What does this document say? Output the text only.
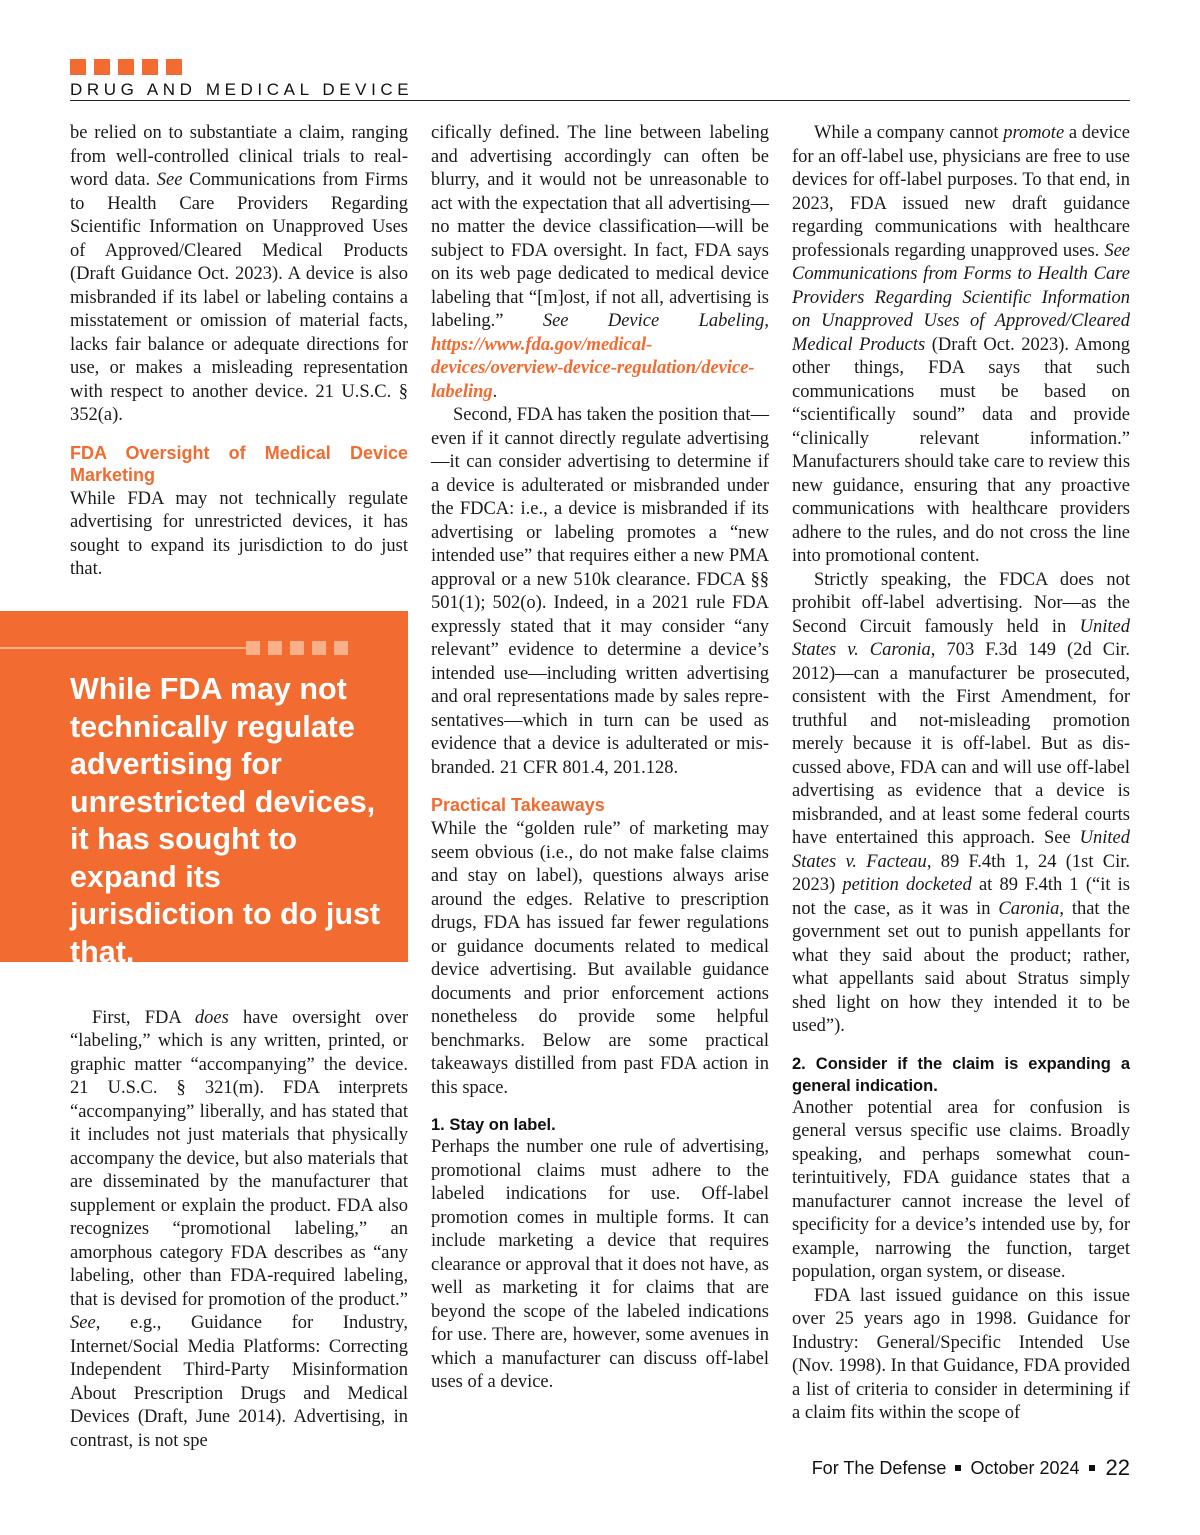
DRUG AND MEDICAL DEVICE

be relied on to substantiate a claim, ranging from well-controlled clinical trials to real-word data. See Communications from Firms to Health Care Providers Regarding Scientific Information on Unapproved Uses of Approved/Cleared Medical Products (Draft Guidance Oct. 2023). A device is also misbranded if its label or labeling contains a misstatement or omission of material facts, lacks fair balance or adequate directions for use, or makes a misleading representation with respect to another device. 21 U.S.C. § 352(a).

FDA Oversight of Medical Device Marketing

While FDA may not technically regulate advertising for unrestricted devices, it has sought to expand its jurisdiction to do just that.

First, FDA does have oversight over “labeling,” which is any written, printed, or graphic matter “accompanying” the device. 21 U.S.C. § 321(m). FDA interprets “accompanying” liberally, and has stated that it includes not just materials that physically accompany the device, but also materials that are disseminated by the manufacturer that supplement or explain the product. FDA also recognizes “promotional labeling,” an amorphous category FDA describes as “any labeling, other than FDA-required labeling, that is devised for promotion of the product.” See, e.g., Guidance for Industry, Internet/Social Media Platforms: Correcting Independent Third-Party Misinformation About Prescription Drugs and Medical Devices (Draft, June 2014). Advertising, in contrast, is not spe

While FDA may not technically regulate advertising for unrestricted devices, it has sought to expand its jurisdiction to do just that.

cifically defined. The line between labeling and advertising accordingly can often be blurry, and it would not be unreasonable to act with the expectation that all advertising—no matter the device classification—will be subject to FDA oversight. In fact, FDA says on its web page dedicated to medical device labeling that “[m]ost, if not all, advertising is labeling.” See Device Labeling, https://www.fda.gov/medical-devices/overview-device-regulation/device-labeling.

Second, FDA has taken the position that—even if it cannot directly regulate advertising—it can consider advertising to determine if a device is adulterated or misbranded under the FDCA: i.e., a device is misbranded if its advertising or labeling promotes a “new intended use” that requires either a new PMA approval or a new 510k clearance. FDCA §§ 501(1); 502(o). Indeed, in a 2021 rule FDA expressly stated that it may consider “any relevant” evidence to determine a device’s intended use—including written advertising and oral representations made by sales representatives—which in turn can be used as evidence that a device is adulterated or misbranded. 21 CFR 801.4, 201.128.

Practical Takeaways

While the “golden rule” of marketing may seem obvious (i.e., do not make false claims and stay on label), questions always arise around the edges. Relative to prescription drugs, FDA has issued far fewer regulations or guidance documents related to medical device advertising. But available guidance documents and prior enforcement actions nonetheless do provide some helpful benchmarks. Below are some practical takeaways distilled from past FDA action in this space.

1. Stay on label.

Perhaps the number one rule of advertising, promotional claims must adhere to the labeled indications for use. Off-label promotion comes in multiple forms. It can include marketing a device that requires clearance or approval that it does not have, as well as marketing it for claims that are beyond the scope of the labeled indications for use. There are, however, some avenues in which a manufacturer can discuss off-label uses of a device.

While a company cannot promote a device for an off-label use, physicians are free to use devices for off-label purposes. To that end, in 2023, FDA issued new draft guidance regarding communications with healthcare professionals regarding unapproved uses. See Communications from Forms to Health Care Providers Regarding Scientific Information on Unapproved Uses of Approved/Cleared Medical Products (Draft Oct. 2023). Among other things, FDA says that such communications must be based on “scientifically sound” data and provide “clinically relevant information.” Manufacturers should take care to review this new guidance, ensuring that any proactive communications with healthcare providers adhere to the rules, and do not cross the line into promotional content.

Strictly speaking, the FDCA does not prohibit off-label advertising. Nor—as the Second Circuit famously held in United States v. Caronia, 703 F.3d 149 (2d Cir. 2012)—can a manufacturer be prosecuted, consistent with the First Amendment, for truthful and not-misleading promotion merely because it is off-label. But as discussed above, FDA can and will use off-label advertising as evidence that a device is misbranded, and at least some federal courts have entertained this approach. See United States v. Facteau, 89 F.4th 1, 24 (1st Cir. 2023) petition docketed at 89 F.4th 1 (“it is not the case, as it was in Caronia, that the government set out to punish appellants for what they said about the product; rather, what appellants said about Stratus simply shed light on how they intended it to be used”).

2. Consider if the claim is expanding a general indication.

Another potential area for confusion is general versus specific use claims. Broadly speaking, and perhaps somewhat counterintuitively, FDA guidance states that a manufacturer cannot increase the level of specificity for a device’s intended use by, for example, narrowing the function, target population, organ system, or disease.

FDA last issued guidance on this issue over 25 years ago in 1998. Guidance for Industry: General/Specific Intended Use (Nov. 1998). In that Guidance, FDA provided a list of criteria to consider in determining if a claim fits within the scope of

For The Defense October 2024 22
